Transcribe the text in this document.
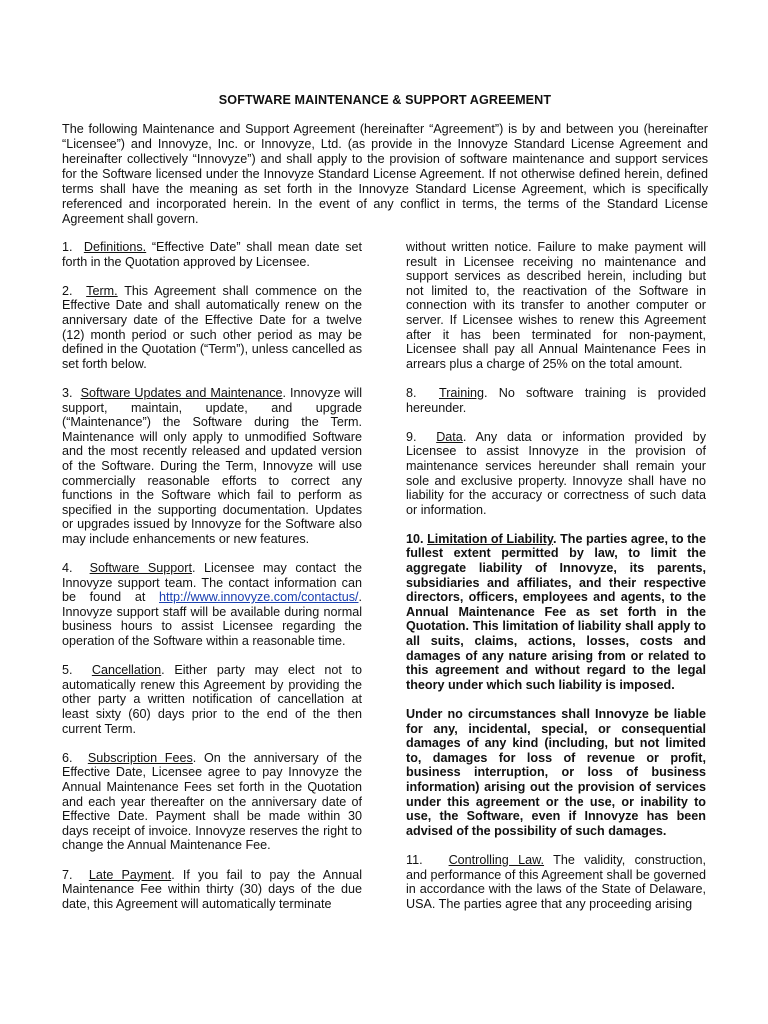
SOFTWARE MAINTENANCE & SUPPORT AGREEMENT

The following Maintenance and Support Agreement (hereinafter “Agreement”) is by and between you (hereinafter “Licensee”) and Innovyze, Inc. or Innovyze, Ltd. (as provide in the Innovyze Standard License Agreement and hereinafter collectively “Innovyze”) and shall apply to the provision of software maintenance and support services for the Software licensed under the Innovyze Standard License Agreement. If not otherwise defined herein, defined terms shall have the meaning as set forth in the Innovyze Standard License Agreement, which is specifically referenced and incorporated herein. In the event of any conflict in terms, the terms of the Standard License Agreement shall govern.

1. Definitions. “Effective Date” shall mean date set forth in the Quotation approved by Licensee.

2. Term. This Agreement shall commence on the Effective Date and shall automatically renew on the anniversary date of the Effective Date for a twelve (12) month period or such other period as may be defined in the Quotation (“Term”), unless cancelled as set forth below.

3. Software Updates and Maintenance. Innovyze will support, maintain, update, and upgrade (“Maintenance”) the Software during the Term. Maintenance will only apply to unmodified Software and the most recently released and updated version of the Software. During the Term, Innovyze will use commercially reasonable efforts to correct any functions in the Software which fail to perform as specified in the supporting documentation. Updates or upgrades issued by Innovyze for the Software also may include enhancements or new features.

4. Software Support. Licensee may contact the Innovyze support team. The contact information can be found at http://www.innovyze.com/contactus/. Innovyze support staff will be available during normal business hours to assist Licensee regarding the operation of the Software within a reasonable time.

5. Cancellation. Either party may elect not to automatically renew this Agreement by providing the other party a written notification of cancellation at least sixty (60) days prior to the end of the then current Term.

6. Subscription Fees. On the anniversary of the Effective Date, Licensee agree to pay Innovyze the Annual Maintenance Fees set forth in the Quotation and each year thereafter on the anniversary date of Effective Date. Payment shall be made within 30 days receipt of invoice. Innovyze reserves the right to change the Annual Maintenance Fee.

7. Late Payment. If you fail to pay the Annual Maintenance Fee within thirty (30) days of the due date, this Agreement will automatically terminate

without written notice. Failure to make payment will result in Licensee receiving no maintenance and support services as described herein, including but not limited to, the reactivation of the Software in connection with its transfer to another computer or server. If Licensee wishes to renew this Agreement after it has been terminated for non-payment, Licensee shall pay all Annual Maintenance Fees in arrears plus a charge of 25% on the total amount.

8. Training. No software training is provided hereunder.

9. Data. Any data or information provided by Licensee to assist Innovyze in the provision of maintenance services hereunder shall remain your sole and exclusive property. Innovyze shall have no liability for the accuracy or correctness of such data or information.

10. Limitation of Liability. The parties agree, to the fullest extent permitted by law, to limit the aggregate liability of Innovyze, its parents, subsidiaries and affiliates, and their respective directors, officers, employees and agents, to the Annual Maintenance Fee as set forth in the Quotation. This limitation of liability shall apply to all suits, claims, actions, losses, costs and damages of any nature arising from or related to this agreement and without regard to the legal theory under which such liability is imposed.

Under no circumstances shall Innovyze be liable for any, incidental, special, or consequential damages of any kind (including, but not limited to, damages for loss of revenue or profit, business interruption, or loss of business information) arising out the provision of services under this agreement or the use, or inability to use, the Software, even if Innovyze has been advised of the possibility of such damages.

11. Controlling Law. The validity, construction, and performance of this Agreement shall be governed in accordance with the laws of the State of Delaware, USA. The parties agree that any proceeding arising
